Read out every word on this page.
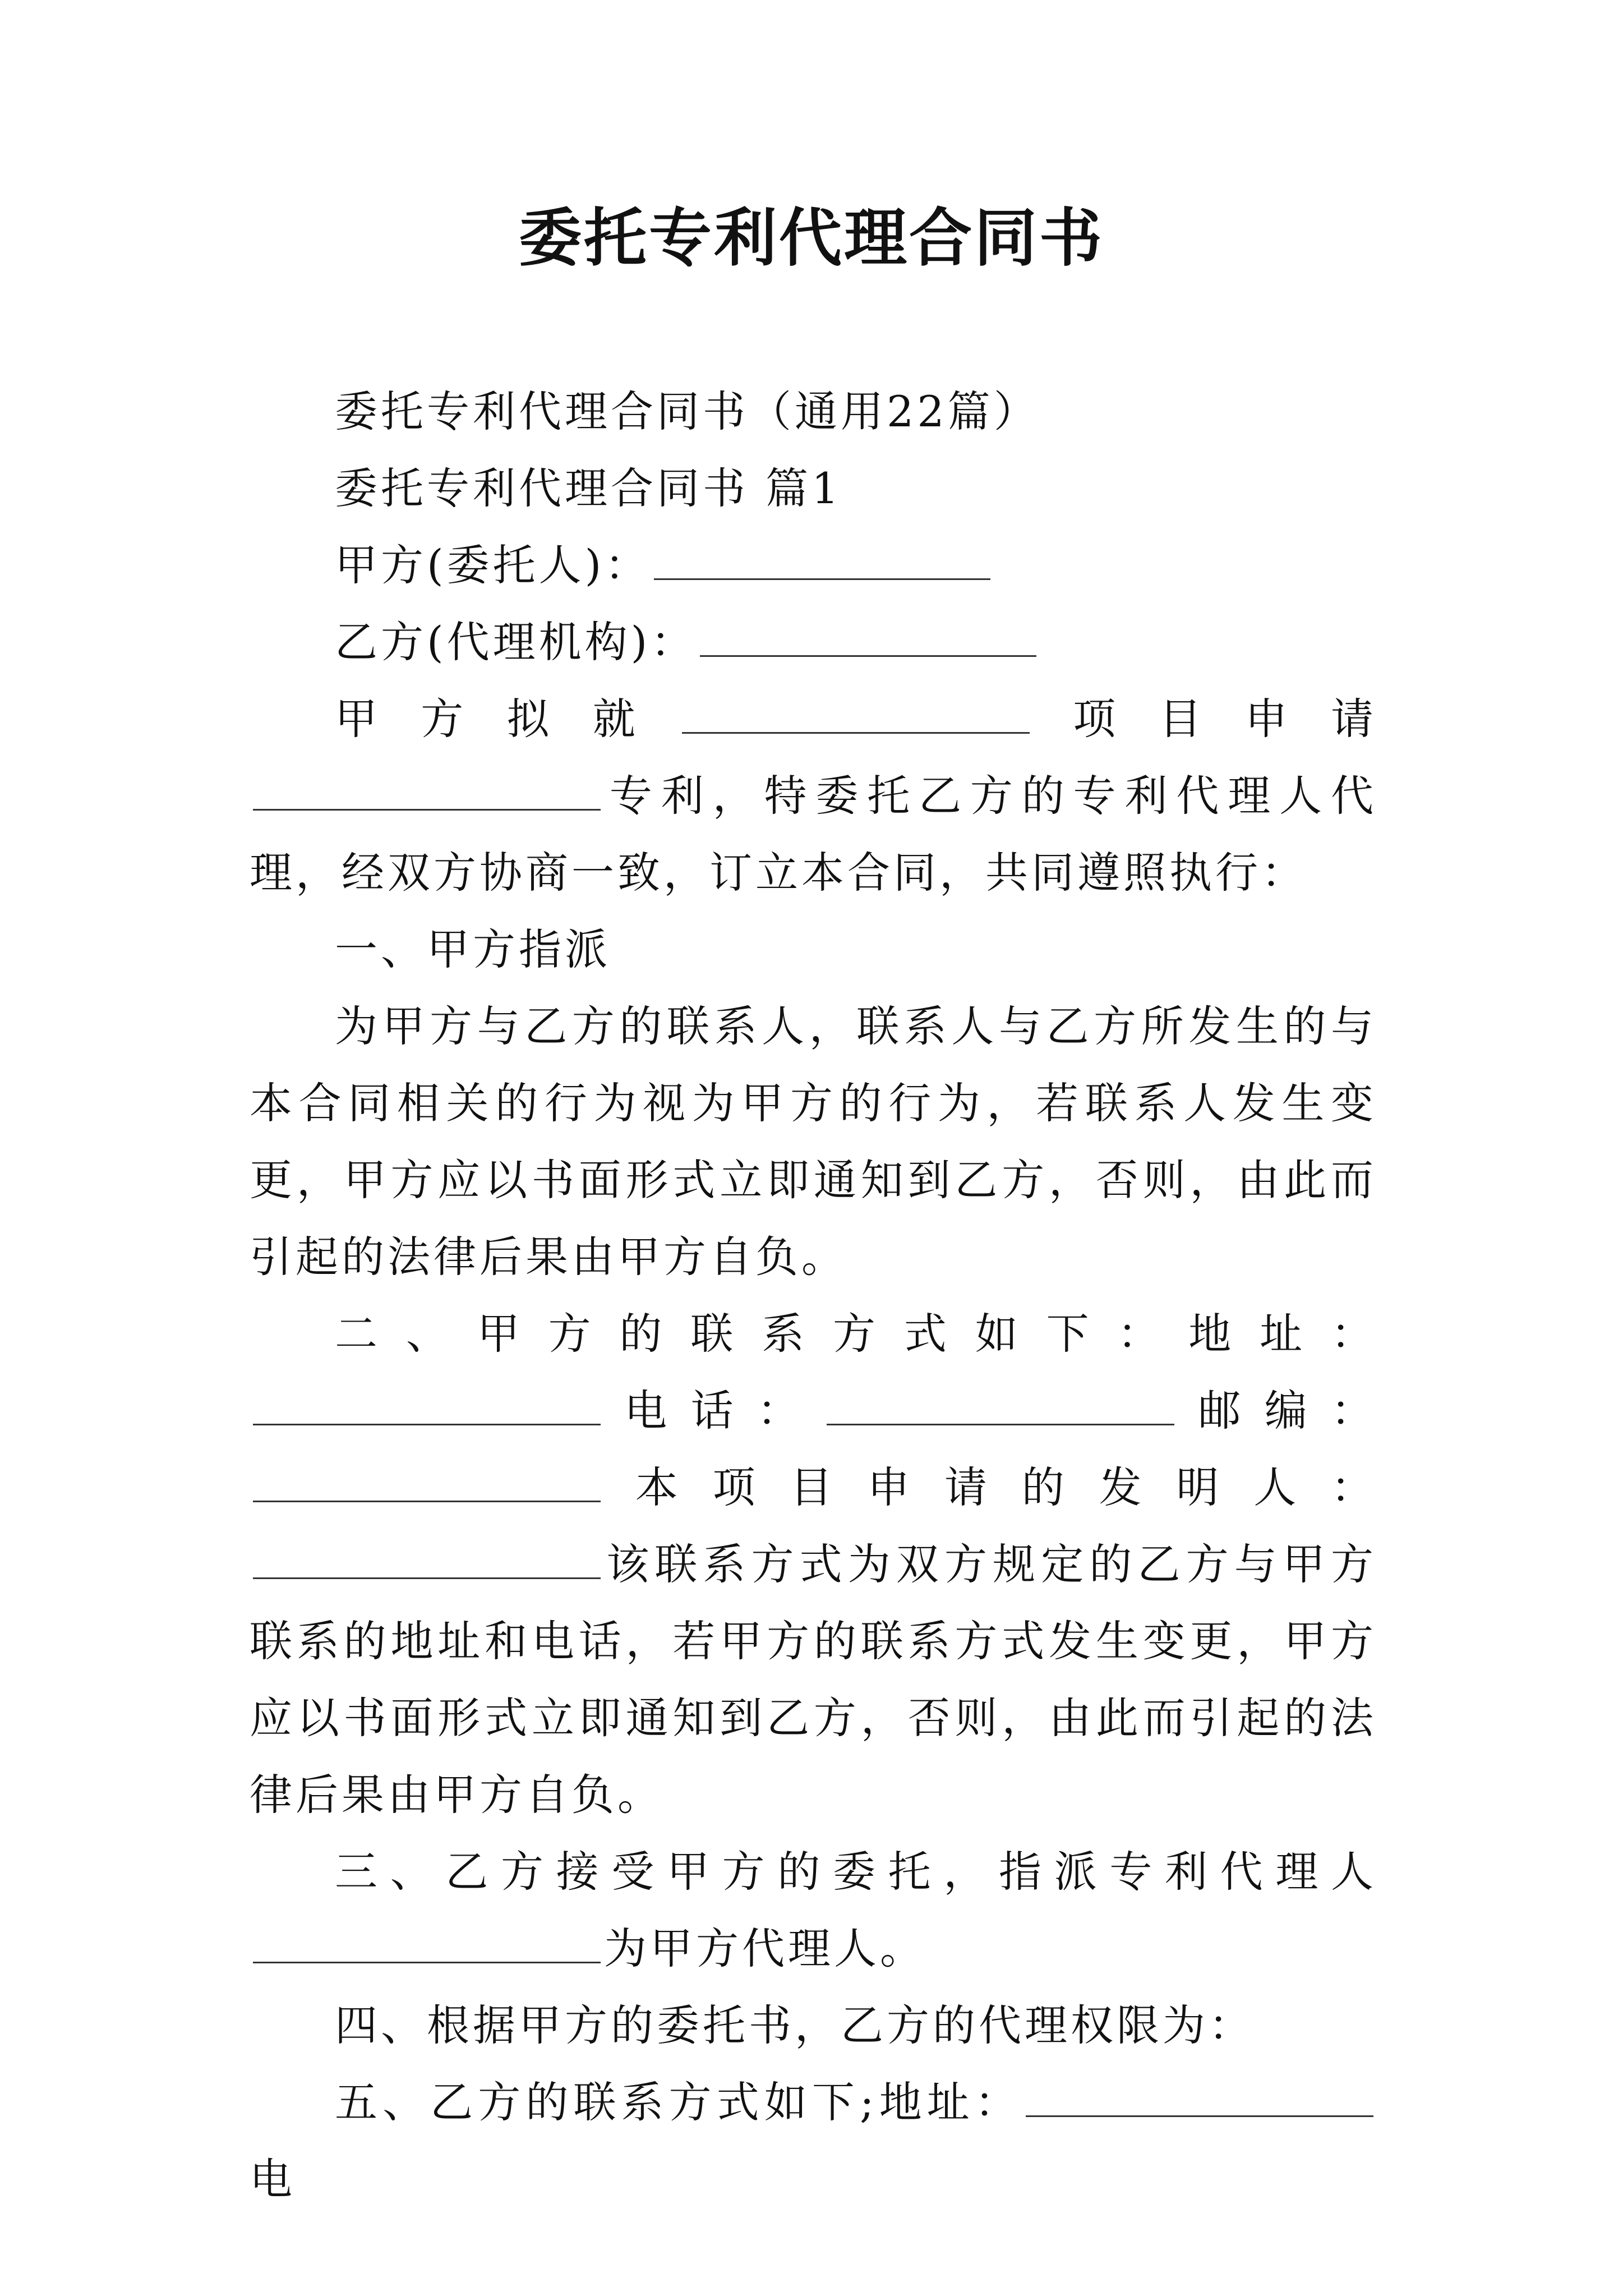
委托专利代理合同书

委托专利代理合同书（通用22篇）

委托专利代理合同书 篇1

甲方(委托人)：

乙方(代理机构)：

甲方拟就	项目申请专利，特委托乙方的专利代理人代理，经双方协商一致，订立本合同，共同遵照执行：

一、甲方指派

为甲方与乙方的联系人，联系人与乙方所发生的与本合同相关的行为视为甲方的行为，若联系人发生变更，甲方应以书面形式立即通知到乙方，否则，由此而引起的法律后果由甲方自负。

二、甲方的联系方式如下：地址：电话：	邮编：本项目申请的发明人：该联系方式为双方规定的乙方与甲方联系的地址和电话，若甲方的联系方式发生变更，甲方应以书面形式立即通知到乙方，否则，由此而引起的法律后果由甲方自负。

三、乙方接受甲方的委托，指派专利代理人为甲方代理人。

四、根据甲方的委托书，乙方的代理权限为：

五、乙方的联系方式如下;地址：电
